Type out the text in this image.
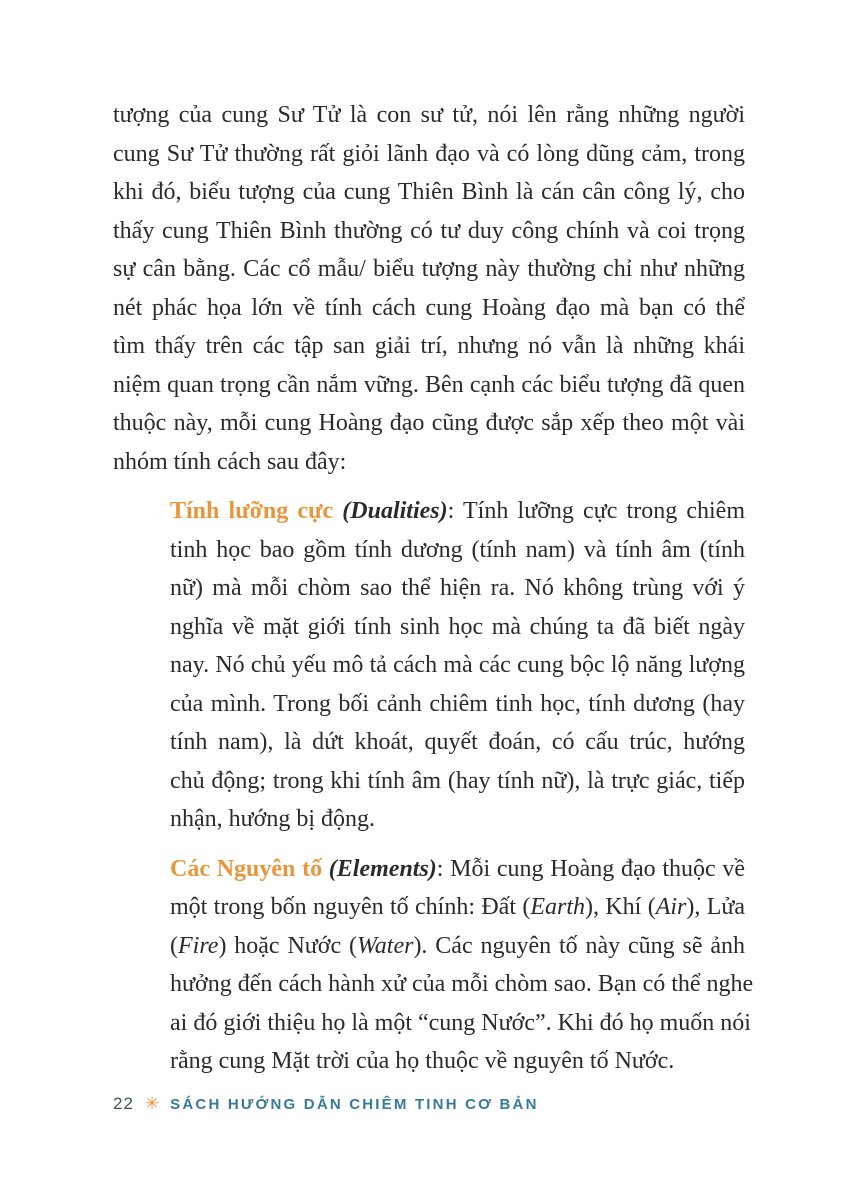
tượng của cung Sư Tử là con sư tử, nói lên rằng những người
cung Sư Tử thường rất giỏi lãnh đạo và có lòng dũng cảm, trong
khi đó, biểu tượng của cung Thiên Bình là cán cân công lý, cho
thấy cung Thiên Bình thường có tư duy công chính và coi trọng
sự cân bằng. Các cổ mẫu/ biểu tượng này thường chỉ như những
nét phác họa lớn về tính cách cung Hoàng đạo mà bạn có thể
tìm thấy trên các tập san giải trí, nhưng nó vẫn là những khái
niệm quan trọng cần nắm vững. Bên cạnh các biểu tượng đã quen
thuộc này, mỗi cung Hoàng đạo cũng được sắp xếp theo một vài
nhóm tính cách sau đây:
Tính lưỡng cực (Dualities): Tính lưỡng cực trong chiêm
tinh học bao gồm tính dương (tính nam) và tính âm (tính
nữ) mà mỗi chòm sao thể hiện ra. Nó không trùng với ý
nghĩa về mặt giới tính sinh học mà chúng ta đã biết ngày
nay. Nó chủ yếu mô tả cách mà các cung bộc lộ năng lượng
của mình. Trong bối cảnh chiêm tinh học, tính dương (hay
tính nam), là dứt khoát, quyết đoán, có cấu trúc, hướng
chủ động; trong khi tính âm (hay tính nữ), là trực giác, tiếp
nhận, hướng bị động.
Các Nguyên tố (Elements): Mỗi cung Hoàng đạo thuộc về
một trong bốn nguyên tố chính: Đất (Earth), Khí (Air), Lửa
(Fire) hoặc Nước (Water). Các nguyên tố này cũng sẽ ảnh
hưởng đến cách hành xử của mỗi chòm sao. Bạn có thể nghe
ai đó giới thiệu họ là một “cung Nước”. Khi đó họ muốn nói
rằng cung Mặt trời của họ thuộc về nguyên tố Nước.
22 ✳ SÁCH HƯỚNG DẪN CHIÊM TINH CƠ BẢN
